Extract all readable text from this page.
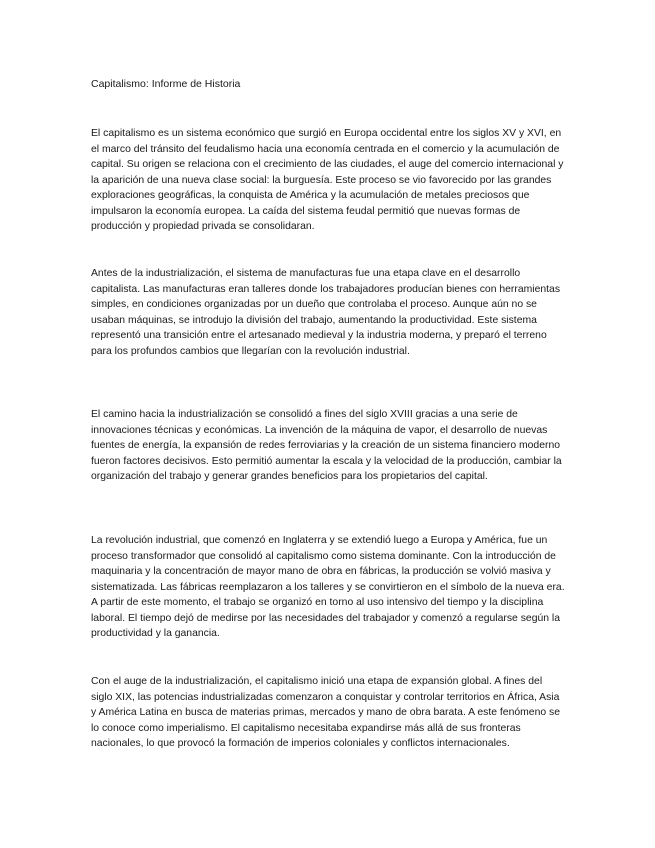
Capitalismo: Informe de Historia

El capitalismo es un sistema económico que surgió en Europa occidental entre los siglos XV y XVI, en el marco del tránsito del feudalismo hacia una economía centrada en el comercio y la acumulación de capital. Su origen se relaciona con el crecimiento de las ciudades, el auge del comercio internacional y la aparición de una nueva clase social: la burguesía. Este proceso se vio favorecido por las grandes exploraciones geográficas, la conquista de América y la acumulación de metales preciosos que impulsaron la economía europea. La caída del sistema feudal permitió que nuevas formas de producción y propiedad privada se consolidaran.

Antes de la industrialización, el sistema de manufacturas fue una etapa clave en el desarrollo capitalista. Las manufacturas eran talleres donde los trabajadores producían bienes con herramientas simples, en condiciones organizadas por un dueño que controlaba el proceso. Aunque aún no se usaban máquinas, se introdujo la división del trabajo, aumentando la productividad. Este sistema representó una transición entre el artesanado medieval y la industria moderna, y preparó el terreno para los profundos cambios que llegarían con la revolución industrial.

El camino hacia la industrialización se consolidó a fines del siglo XVIII gracias a una serie de innovaciones técnicas y económicas. La invención de la máquina de vapor, el desarrollo de nuevas fuentes de energía, la expansión de redes ferroviarias y la creación de un sistema financiero moderno fueron factores decisivos. Esto permitió aumentar la escala y la velocidad de la producción, cambiar la organización del trabajo y generar grandes beneficios para los propietarios del capital.

La revolución industrial, que comenzó en Inglaterra y se extendió luego a Europa y América, fue un proceso transformador que consolidó al capitalismo como sistema dominante. Con la introducción de maquinaria y la concentración de mayor mano de obra en fábricas, la producción se volvió masiva y sistematizada. Las fábricas reemplazaron a los talleres y se convirtieron en el símbolo de la nueva era. A partir de este momento, el trabajo se organizó en torno al uso intensivo del tiempo y la disciplina laboral. El tiempo dejó de medirse por las necesidades del trabajador y comenzó a regularse según la productividad y la ganancia.

Con el auge de la industrialización, el capitalismo inició una etapa de expansión global. A fines del siglo XIX, las potencias industrializadas comenzaron a conquistar y controlar territorios en África, Asia y América Latina en busca de materias primas, mercados y mano de obra barata. A este fenómeno se lo conoce como imperialismo. El capitalismo necesitaba expandirse más allá de sus fronteras nacionales, lo que provocó la formación de imperios coloniales y conflictos internacionales.
